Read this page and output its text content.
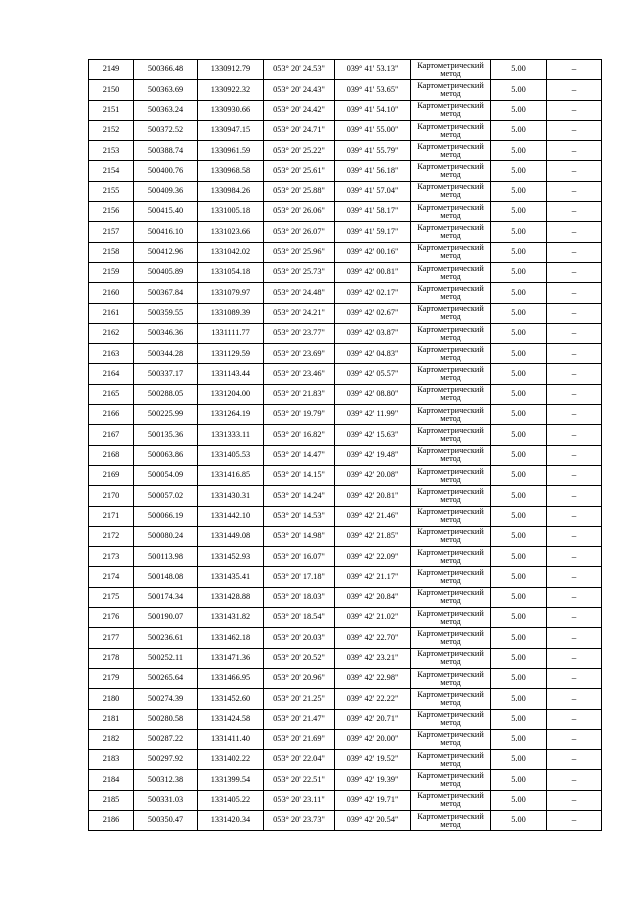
2149	500366.48	1330912.79	053° 20' 24.53"	039° 41' 53.13"	Картометрический метод	5.00	–
2150	500363.69	1330922.32	053° 20' 24.43"	039° 41' 53.65"	Картометрический метод	5.00	–
2151	500363.24	1330930.66	053° 20' 24.42"	039° 41' 54.10"	Картометрический метод	5.00	–
2152	500372.52	1330947.15	053° 20' 24.71"	039° 41' 55.00"	Картометрический метод	5.00	–
2153	500388.74	1330961.59	053° 20' 25.22"	039° 41' 55.79"	Картометрический метод	5.00	–
2154	500400.76	1330968.58	053° 20' 25.61"	039° 41' 56.18"	Картометрический метод	5.00	–
2155	500409.36	1330984.26	053° 20' 25.88"	039° 41' 57.04"	Картометрический метод	5.00	–
2156	500415.40	1331005.18	053° 20' 26.06"	039° 41' 58.17"	Картометрический метод	5.00	–
2157	500416.10	1331023.66	053° 20' 26.07"	039° 41' 59.17"	Картометрический метод	5.00	–
2158	500412.96	1331042.02	053° 20' 25.96"	039° 42' 00.16"	Картометрический метод	5.00	–
2159	500405.89	1331054.18	053° 20' 25.73"	039° 42' 00.81"	Картометрический метод	5.00	–
2160	500367.84	1331079.97	053° 20' 24.48"	039° 42' 02.17"	Картометрический метод	5.00	–
2161	500359.55	1331089.39	053° 20' 24.21"	039° 42' 02.67"	Картометрический метод	5.00	–
2162	500346.36	1331111.77	053° 20' 23.77"	039° 42' 03.87"	Картометрический метод	5.00	–
2163	500344.28	1331129.59	053° 20' 23.69"	039° 42' 04.83"	Картометрический метод	5.00	–
2164	500337.17	1331143.44	053° 20' 23.46"	039° 42' 05.57"	Картометрический метод	5.00	–
2165	500288.05	1331204.00	053° 20' 21.83"	039° 42' 08.80"	Картометрический метод	5.00	–
2166	500225.99	1331264.19	053° 20' 19.79"	039° 42' 11.99"	Картометрический метод	5.00	–
2167	500135.36	1331333.11	053° 20' 16.82"	039° 42' 15.63"	Картометрический метод	5.00	–
2168	500063.86	1331405.53	053° 20' 14.47"	039° 42' 19.48"	Картометрический метод	5.00	–
2169	500054.09	1331416.85	053° 20' 14.15"	039° 42' 20.08"	Картометрический метод	5.00	–
2170	500057.02	1331430.31	053° 20' 14.24"	039° 42' 20.81"	Картометрический метод	5.00	–
2171	500066.19	1331442.10	053° 20' 14.53"	039° 42' 21.46"	Картометрический метод	5.00	–
2172	500080.24	1331449.08	053° 20' 14.98"	039° 42' 21.85"	Картометрический метод	5.00	–
2173	500113.98	1331452.93	053° 20' 16.07"	039° 42' 22.09"	Картометрический метод	5.00	–
2174	500148.08	1331435.41	053° 20' 17.18"	039° 42' 21.17"	Картометрический метод	5.00	–
2175	500174.34	1331428.88	053° 20' 18.03"	039° 42' 20.84"	Картометрический метод	5.00	–
2176	500190.07	1331431.82	053° 20' 18.54"	039° 42' 21.02"	Картометрический метод	5.00	–
2177	500236.61	1331462.18	053° 20' 20.03"	039° 42' 22.70"	Картометрический метод	5.00	–
2178	500252.11	1331471.36	053° 20' 20.52"	039° 42' 23.21"	Картометрический метод	5.00	–
2179	500265.64	1331466.95	053° 20' 20.96"	039° 42' 22.98"	Картометрический метод	5.00	–
2180	500274.39	1331452.60	053° 20' 21.25"	039° 42' 22.22"	Картометрический метод	5.00	–
2181	500280.58	1331424.58	053° 20' 21.47"	039° 42' 20.71"	Картометрический метод	5.00	–
2182	500287.22	1331411.40	053° 20' 21.69"	039° 42' 20.00"	Картометрический метод	5.00	–
2183	500297.92	1331402.22	053° 20' 22.04"	039° 42' 19.52"	Картометрический метод	5.00	–
2184	500312.38	1331399.54	053° 20' 22.51"	039° 42' 19.39"	Картометрический метод	5.00	–
2185	500331.03	1331405.22	053° 20' 23.11"	039° 42' 19.71"	Картометрический метод	5.00	–
2186	500350.47	1331420.34	053° 20' 23.73"	039° 42' 20.54"	Картометрический метод	5.00	–
